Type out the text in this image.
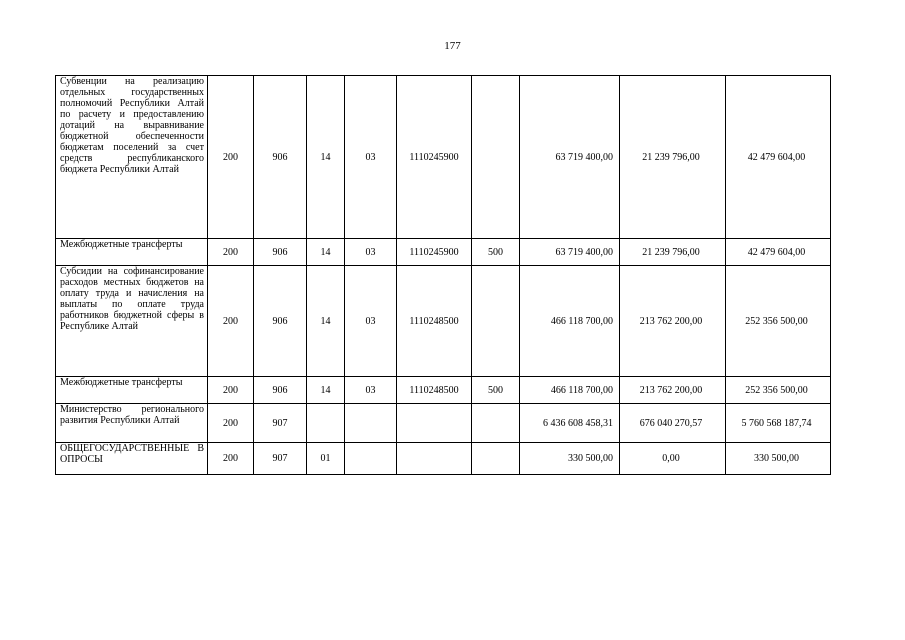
177
Субвенции на реализацию отдельных государственных полномочий Республики Алтай по расчету и предоставлению дотаций на выравнивание бюджетной обеспеченности бюджетам поселений за счет средств республиканского бюджета Республики Алтай	200	906	14	03	1110245900		63 719 400,00	21 239 796,00	42 479 604,00
Межбюджетные трансферты	200	906	14	03	1110245900	500	63 719 400,00	21 239 796,00	42 479 604,00
Субсидии на софинансирование расходов местных бюджетов на оплату труда и начисления на выплаты по оплате труда работников бюджетной сферы в Республике Алтай	200	906	14	03	1110248500		466 118 700,00	213 762 200,00	252 356 500,00
Межбюджетные трансферты	200	906	14	03	1110248500	500	466 118 700,00	213 762 200,00	252 356 500,00
Министерство регионального развития Республики Алтай	200	907					6 436 608 458,31	676 040 270,57	5 760 568 187,74
ОБЩЕГОСУДАРСТВЕННЫЕ ВОПРОСЫ	200	907	01				330 500,00	0,00	330 500,00
